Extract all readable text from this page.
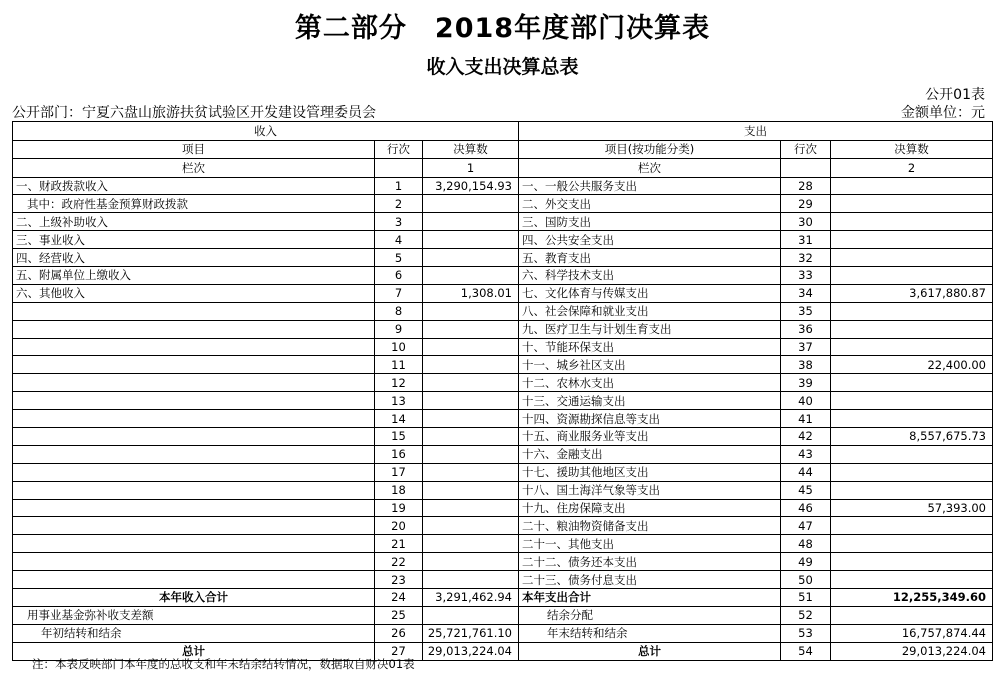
第二部分　2018年度部门决算表
收入支出决算总表
公开01表
公开部门：宁夏六盘山旅游扶贫试验区开发建设管理委员会	金额单位：元
收入			支出		
项目	行次	决算数	项目(按功能分类)	行次	决算数
栏次		1	栏次		2
一、财政拨款收入	1	3,290,154.93	一、一般公共服务支出	28	
其中：政府性基金预算财政拨款	2		二、外交支出	29	
二、上级补助收入	3		三、国防支出	30	
三、事业收入	4		四、公共安全支出	31	
四、经营收入	5		五、教育支出	32	
五、附属单位上缴收入	6		六、科学技术支出	33	
六、其他收入	7	1,308.01	七、文化体育与传媒支出	34	3,617,880.87
	8		八、社会保障和就业支出	35	
	9		九、医疗卫生与计划生育支出	36	
	10		十、节能环保支出	37	
	11		十一、城乡社区支出	38	22,400.00
	12		十二、农林水支出	39	
	13		十三、交通运输支出	40	
	14		十四、资源勘探信息等支出	41	
	15		十五、商业服务业等支出	42	8,557,675.73
	16		十六、金融支出	43	
	17		十七、援助其他地区支出	44	
	18		十八、国土海洋气象等支出	45	
	19		十九、住房保障支出	46	57,393.00
	20		二十、粮油物资储备支出	47	
	21		二十一、其他支出	48	
	22		二十二、债务还本支出	49	
	23		二十三、债务付息支出	50	
本年收入合计	24	3,291,462.94	本年支出合计	51	12,255,349.60
用事业基金弥补收支差额	25		结余分配	52	
年初结转和结余	26	25,721,761.10	年末结转和结余	53	16,757,874.44
总计	27	29,013,224.04	总计	54	29,013,224.04
注：本表反映部门本年度的总收支和年末结余结转情况，数据取自财决01表
